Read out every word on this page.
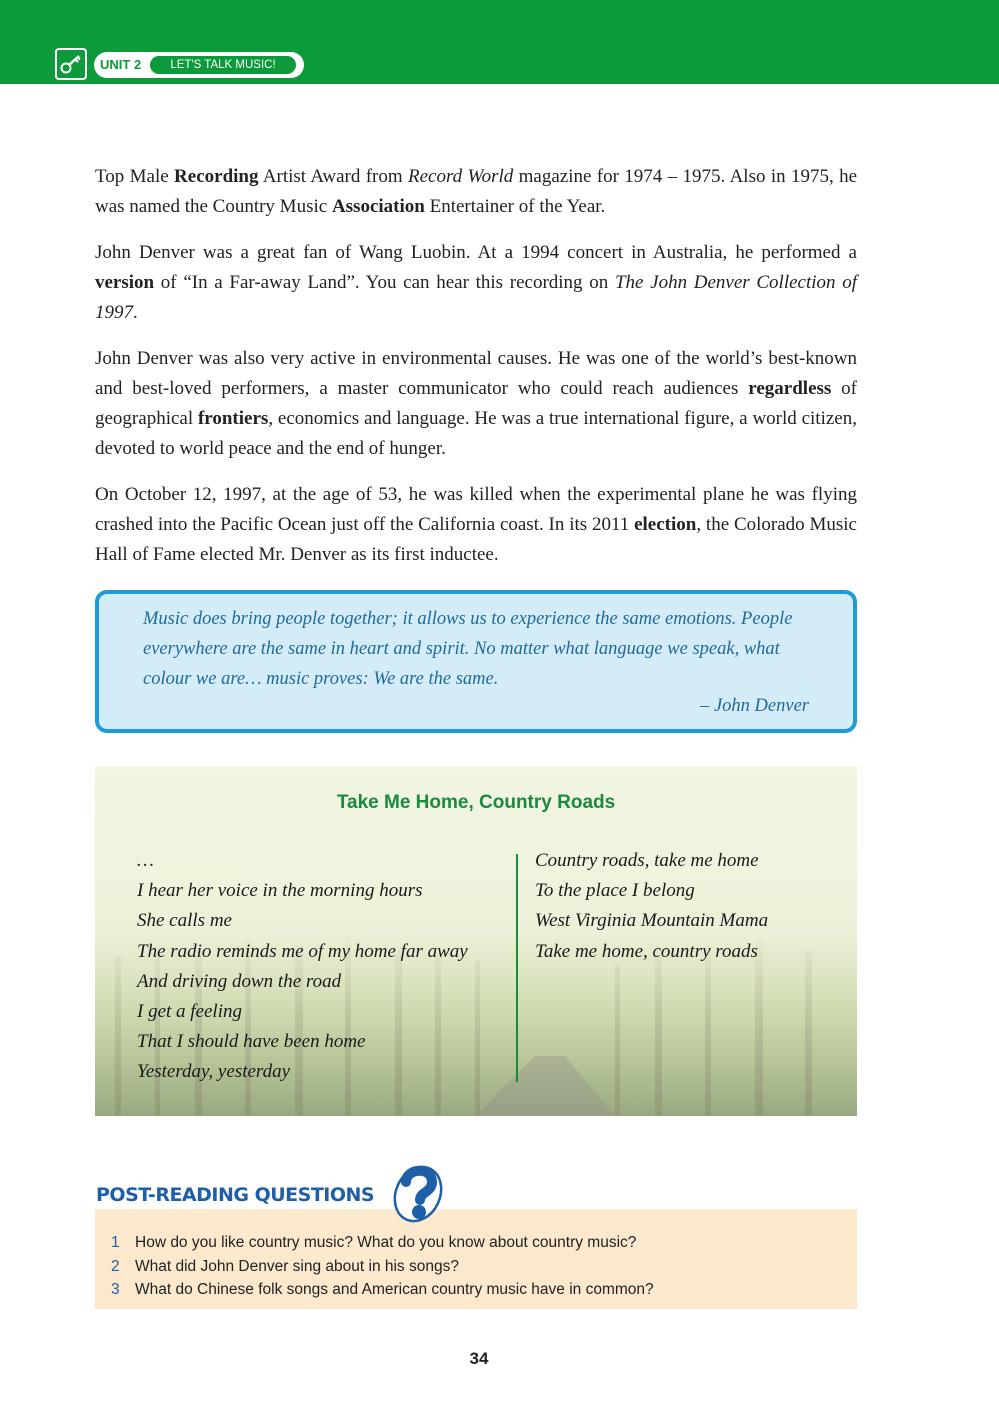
UNIT 2	LET'S TALK MUSIC!

Top Male Recording Artist Award from Record World magazine for 1974 – 1975. Also in 1975, he was named the Country Music Association Entertainer of the Year.

John Denver was a great fan of Wang Luobin. At a 1994 concert in Australia, he performed a version of “In a Far-away Land”. You can hear this recording on The John Denver Collection of 1997.

John Denver was also very active in environmental causes. He was one of the world’s best-known and best-loved performers, a master communicator who could reach audiences regardless of geographical frontiers, economics and language. He was a true international figure, a world citizen, devoted to world peace and the end of hunger.

On October 12, 1997, at the age of 53, he was killed when the experimental plane he was flying crashed into the Pacific Ocean just off the California coast. In its 2011 election, the Colorado Music Hall of Fame elected Mr. Denver as its first inductee.

Music does bring people together; it allows us to experience the same emotions. People everywhere are the same in heart and spirit. No matter what language we speak, what colour we are… music proves: We are the same.
– John Denver
Take Me Home, Country Roads
…
I hear her voice in the morning hours
She calls me
The radio reminds me of my home far away
And driving down the road
I get a feeling
That I should have been home
Yesterday, yesterday
Country roads, take me home
To the place I belong
West Virginia Mountain Mama
Take me home, country roads
POST-READING QUESTIONS
1 How do you like country music? What do you know about country music?
2 What did John Denver sing about in his songs?
3 What do Chinese folk songs and American country music have in common?
34
